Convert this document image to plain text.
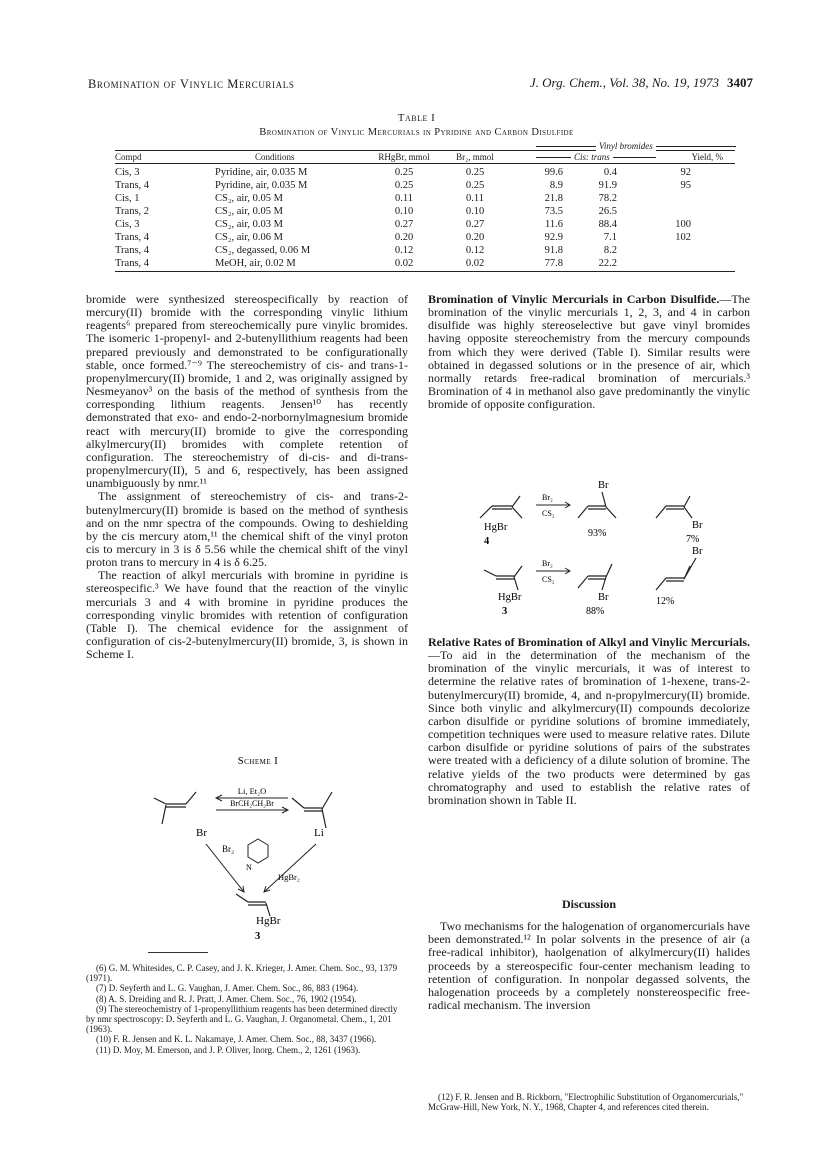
Bromination of Vinylic Mercurials	J. Org. Chem., Vol. 38, No. 19, 1973 3407
Table I
Bromination of Vinylic Mercurials in Pyridine and Carbon Disulfide
Vinyl bromides
Cis: trans
Compd	Conditions	RHgBr, mmol	Br₂, mmol	Yield, %
Cis, 3	Pyridine, air, 0.035 M	0.25	0.25	99.6	0.4	92
Trans, 4	Pyridine, air, 0.035 M	0.25	0.25	8.9	91.9	95
Cis, 1	CS₂, air, 0.05 M	0.11	0.11	21.8	78.2
Trans, 2	CS₂, air, 0.05 M	0.10	0.10	73.5	26.5
Cis, 3	CS₂, air, 0.03 M	0.27	0.27	11.6	88.4	100
Trans, 4	CS₂, air, 0.06 M	0.20	0.20	92.9	7.1	102
Trans, 4	CS₂, degassed, 0.06 M	0.12	0.12	91.8	8.2
Trans, 4	MeOH, air, 0.02 M	0.02	0.02	77.8	22.2

bromide were synthesized stereospecifically by reaction of mercury(II) bromide with the corresponding vinylic lithium reagents⁶ prepared from stereochemically pure vinylic bromides. The isomeric 1-propenyl- and 2-butenyllithium reagents had been prepared previously and demonstrated to be configurationally stable, once formed.⁷⁻⁹ The stereochemistry of cis- and trans-1-propenylmercury(II) bromide, 1 and 2, was originally assigned by Nesmeyanov³ on the basis of the method of synthesis from the corresponding lithium reagents. Jensen¹⁰ has recently demonstrated that exo- and endo-2-norbornylmagnesium bromide react with mercury(II) bromide to give the corresponding alkylmercury(II) bromides with complete retention of configuration. The stereochemistry of di-cis- and di-trans-propenylmercury(II), 5 and 6, respectively, has been assigned unambiguously by nmr.¹¹

The assignment of stereochemistry of cis- and trans-2-butenylmercury(II) bromide is based on the method of synthesis and on the nmr spectra of the compounds. Owing to deshielding by the cis mercury atom,¹¹ the chemical shift of the vinyl proton cis to mercury in 3 is δ 5.56 while the chemical shift of the vinyl proton trans to mercury in 4 is δ 6.25.

The reaction of alkyl mercurials with bromine in pyridine is stereospecific.³ We have found that the reaction of the vinylic mercurials 3 and 4 with bromine in pyridine produces the corresponding vinylic bromides with retention of configuration (Table I). The chemical evidence for the assignment of configuration of cis-2-butenylmercury(II) bromide, 3, is shown in Scheme I.

Scheme I
Br
Li, Et₂O
BrCH₂CH₂Br
Li
Br₂
N
HgBr₂
HgBr
3

Bromination of Vinylic Mercurials in Carbon Disulfide.—The bromination of the vinylic mercurials 1, 2, 3, and 4 in carbon disulfide was highly stereoselective but gave vinyl bromides having opposite stereochemistry from the mercury compounds from which they were derived (Table I). Similar results were obtained in degassed solutions or in the presence of air, which normally retards free-radical bromination of mercurials.³ Bromination of 4 in methanol also gave predominantly the vinylic bromide of opposite configuration.

HgBr
4
Br₂
CS₂
Br
93%
Br
7%
HgBr
3
Br₂
CS₂
Br
88%
Br
12%

Relative Rates of Bromination of Alkyl and Vinylic Mercurials.—To aid in the determination of the mechanism of the bromination of the vinylic mercurials, it was of interest to determine the relative rates of bromination of 1-hexene, trans-2-butenylmercury(II) bromide, 4, and n-propylmercury(II) bromide. Since both vinylic and alkylmercury(II) compounds decolorize carbon disulfide or pyridine solutions of bromine immediately, competition techniques were used to measure relative rates. Dilute carbon disulfide or pyridine solutions of pairs of the substrates were treated with a deficiency of a dilute solution of bromine. The relative yields of the two products were determined by gas chromatography and used to establish the relative rates of bromination shown in Table II.

Discussion

Two mechanisms for the halogenation of organomercurials have been demonstrated.¹² In polar solvents in the presence of air (a free-radical inhibitor), haolgenation of alkylmercury(II) halides proceeds by a stereospecific four-center mechanism leading to retention of configuration. In nonpolar degassed solvents, the halogenation proceeds by a completely nonstereospecific free-radical mechanism. The inversion

(6) G. M. Whitesides, C. P. Casey, and J. K. Krieger, J. Amer. Chem. Soc., 93, 1379 (1971).

(7) D. Seyferth and L. G. Vaughan, J. Amer. Chem. Soc., 86, 883 (1964).

(8) A. S. Dreiding and R. J. Pratt, J. Amer. Chem. Soc., 76, 1902 (1954).

(9) The stereochemistry of 1-propenyllithium reagents has been determined directly by nmr spectroscopy: D. Seyferth and L. G. Vaughan, J. Organometal. Chem., 1, 201 (1963).

(10) F. R. Jensen and K. L. Nakamaye, J. Amer. Chem. Soc., 88, 3437 (1966).

(11) D. Moy, M. Emerson, and J. P. Oliver, Inorg. Chem., 2, 1261 (1963).

(12) F. R. Jensen and B. Rickborn, "Electrophilic Substitution of Organomercurials," McGraw-Hill, New York, N. Y., 1968, Chapter 4, and references cited therein.
